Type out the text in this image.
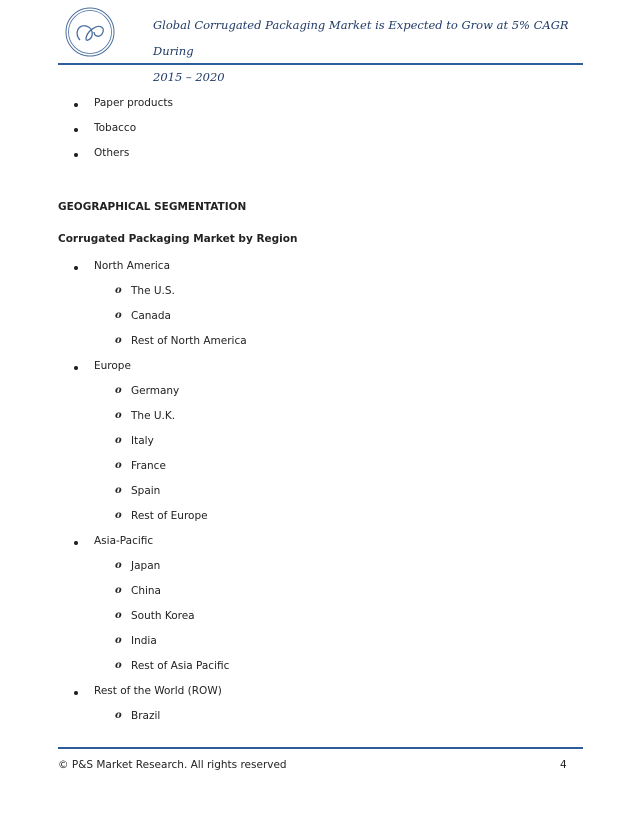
Global Corrugated Packaging Market is Expected to Grow at 5% CAGR During
2015 – 2020
Paper products
Tobacco
Others
GEOGRAPHICAL SEGMENTATION
Corrugated Packaging Market by Region
North America
o The U.S.
o Canada
o Rest of North America
Europe
o Germany
o The U.K.
o Italy
o France
o Spain
o Rest of Europe
Asia-Pacific
o Japan
o China
o South Korea
o India
o Rest of Asia Pacific
Rest of the World (ROW)
o Brazil
© P&S Market Research. All rights reserved	4
